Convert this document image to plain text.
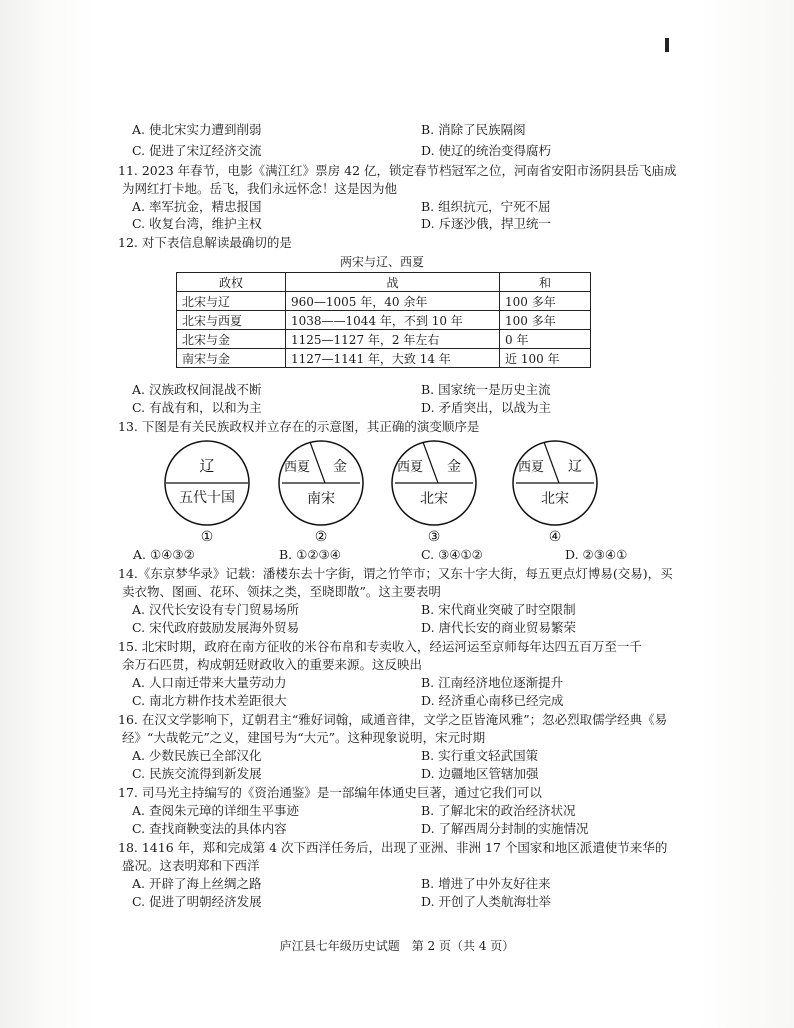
A. 使北宋实力遭到削弱	B. 消除了民族隔阂
C. 促进了宋辽经济交流	D. 使辽的统治变得腐朽
11. 2023 年春节，电影《满江红》票房 42 亿，锁定春节档冠军之位，河南省安阳市汤阴县岳飞庙成
为网红打卡地。岳飞，我们永远怀念！这是因为他
A. 率军抗金，精忠报国	B. 组织抗元，宁死不屈
C. 收复台湾，维护主权	D. 斥逐沙俄，捍卫统一
12. 对下表信息解读最确切的是
两宋与辽、西夏
政权	战	和
北宋与辽	960—1005 年，40 余年	100 多年
北宋与西夏	1038——1044 年，不到 10 年	100 多年
北宋与金	1125—1127 年，2 年左右	0 年
南宋与金	1127—1141 年，大致 14 年	近 100 年
A. 汉族政权间混战不断	B. 国家统一是历史主流
C. 有战有和，以和为主	D. 矛盾突出，以战为主
13. 下图是有关民族政权并立存在的示意图，其正确的演变顺序是
辽
五代十国
①
西夏 金
南宋
②
西夏 金
北宋
③
西夏 辽
北宋
④
A. ①④③②	B. ①②③④	C. ③④①②	D. ②③④①
14.《东京梦华录》记载：潘楼东去十字街，谓之竹竿市；又东十字大街，每五更点灯博易(交易)，买
卖衣物、图画、花环、领抹之类，至晓即散”。这主要表明
A. 汉代长安设有专门贸易场所	B. 宋代商业突破了时空限制
C. 宋代政府鼓励发展海外贸易	D. 唐代长安的商业贸易繁荣
15. 北宋时期，政府在南方征收的米谷布帛和专卖收入，经运河运至京师每年达四五百万至一千
余万石匹贯，构成朝廷财政收入的重要来源。这反映出
A. 人口南迁带来大量劳动力	B. 江南经济地位逐渐提升
C. 南北方耕作技术差距很大	D. 经济重心南移已经完成
16. 在汉文学影响下，辽朝君主“雅好词翰，咸通音律，文学之臣皆淹风雅”；忽必烈取儒学经典《易
经》“大哉乾元”之义，建国号为“大元”。这种现象说明，宋元时期
A. 少数民族已全部汉化	B. 实行重文轻武国策
C. 民族交流得到新发展	D. 边疆地区管辖加强
17. 司马光主持编写的《资治通鉴》是一部编年体通史巨著，通过它我们可以
A. 查阅朱元璋的详细生平事迹	B. 了解北宋的政治经济状况
C. 查找商鞅变法的具体内容	D. 了解西周分封制的实施情况
18. 1416 年，郑和完成第 4 次下西洋任务后，出现了亚洲、非洲 17 个国家和地区派遣使节来华的
盛况。这表明郑和下西洋
A. 开辟了海上丝绸之路	B. 增进了中外友好往来
C. 促进了明朝经济发展	D. 开创了人类航海壮举
庐江县七年级历史试题　第 2 页（共 4 页）
